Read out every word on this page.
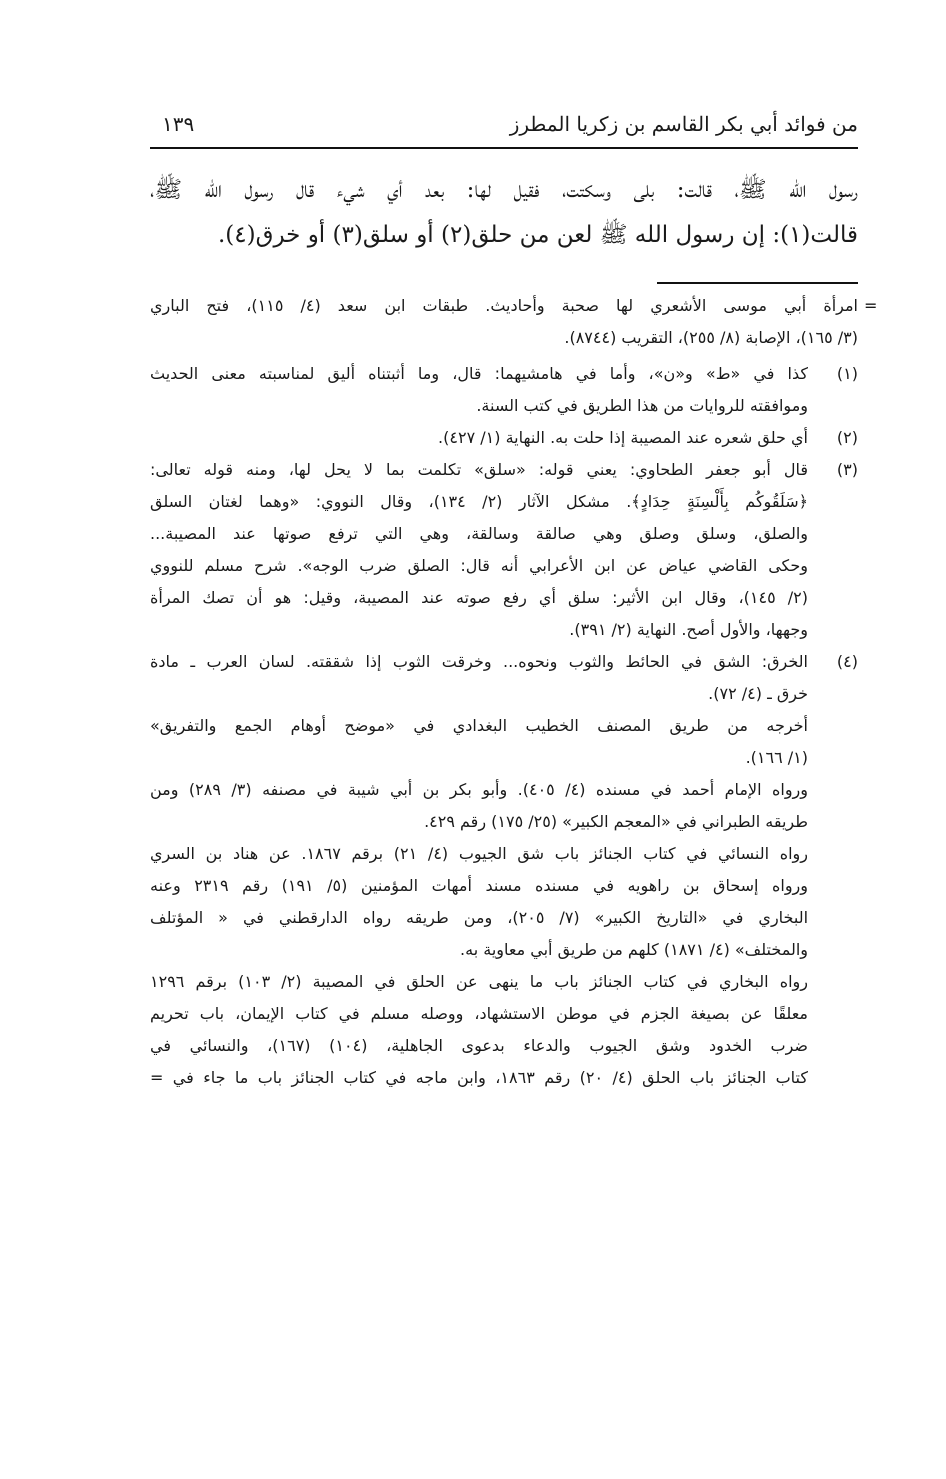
من فوائد أبي بكر القاسم بن زكريا المطرز
١٣٩
رسول الله ﷺ، قالت: بلى وسكتت، فقيل لها: بعد أي شيء قال رسول الله ﷺ،
قالت(١): إن رسول الله ﷺ لعن من حلق(٢) أو سلق(٣) أو خرق(٤).
=
امرأة أبي موسى الأشعري لها صحبة وأحاديث. طبقات ابن سعد (٤/ ١١٥)، فتح الباري
(٣/ ١٦٥)، الإصابة (٨/ ٢٥٥)، التقريب (٨٧٤٤).
(١)
كذا في «ط» و«ن»، وأما في هامشيهما: قال، وما أثبتناه أليق لمناسبته معنى الحديث
وموافقته للروايات من هذا الطريق في كتب السنة.
(٢)
أي حلق شعره عند المصيبة إذا حلت به. النهاية (١/ ٤٢٧).
(٣)
قال أبو جعفر الطحاوي: يعني قوله: «سلق» تكلمت بما لا يحل لها، ومنه قوله تعالى:
﴿سَلَقُوكُم بِأَلْسِنَةٍ حِدَادٍ﴾. مشكل الآثار (٢/ ١٣٤)، وقال النووي: «وهما لغتان السلق
والصلق، وسلق وصلق وهي صالقة وسالقة، وهي التي ترفع صوتها عند المصيبة...
وحكى القاضي عياض عن ابن الأعرابي أنه قال: الصلق ضرب الوجه». شرح مسلم للنووي
(٢/ ١٤٥)، وقال ابن الأثير: سلق أي رفع صوته عند المصيبة، وقيل: هو أن تصك المرأة
وجهها، والأول أصح. النهاية (٢/ ٣٩١).
(٤)
الخرق: الشق في الحائط والثوب ونحوه... وخرقت الثوب إذا شققته. لسان العرب ـ مادة
خرق ـ (٤/ ٧٢).
أخرجه من طريق المصنف الخطيب البغدادي في «موضح أوهام الجمع والتفريق»
(١/ ١٦٦).
ورواه الإمام أحمد في مسنده (٤/ ٤٠٥). وأبو بكر بن أبي شيبة في مصنفه (٣/ ٢٨٩) ومن
طريقه الطبراني في «المعجم الكبير» (٢٥/ ١٧٥) رقم ٤٢٩.
رواه النسائي في كتاب الجنائز باب شق الجيوب (٤/ ٢١) برقم ١٨٦٧. عن هناد بن السري
ورواه إسحاق بن راهويه في مسنده مسند أمهات المؤمنين (٥/ ١٩١) رقم ٢٣١٩ وعنه
البخاري في «التاريخ الكبير» (٧/ ٢٠٥)، ومن طريقه رواه الدارقطني في « المؤتلف
والمختلف» (٤/ ١٨٧١) كلهم من طريق أبي معاوية به.
رواه البخاري في كتاب الجنائز باب ما ينهى عن الحلق في المصيبة (٢/ ١٠٣) برقم ١٢٩٦
معلقًا عن بصيغة الجزم في موطن الاستشهاد، ووصله مسلم في كتاب الإيمان، باب تحريم
ضرب الخدود وشق الجيوب والدعاء بدعوى الجاهلية، (١٠٤) (١٦٧)، والنسائي في
كتاب الجنائز باب الحلق (٤/ ٢٠) رقم ١٨٦٣، وابن ماجه في كتاب الجنائز باب ما جاء في =
